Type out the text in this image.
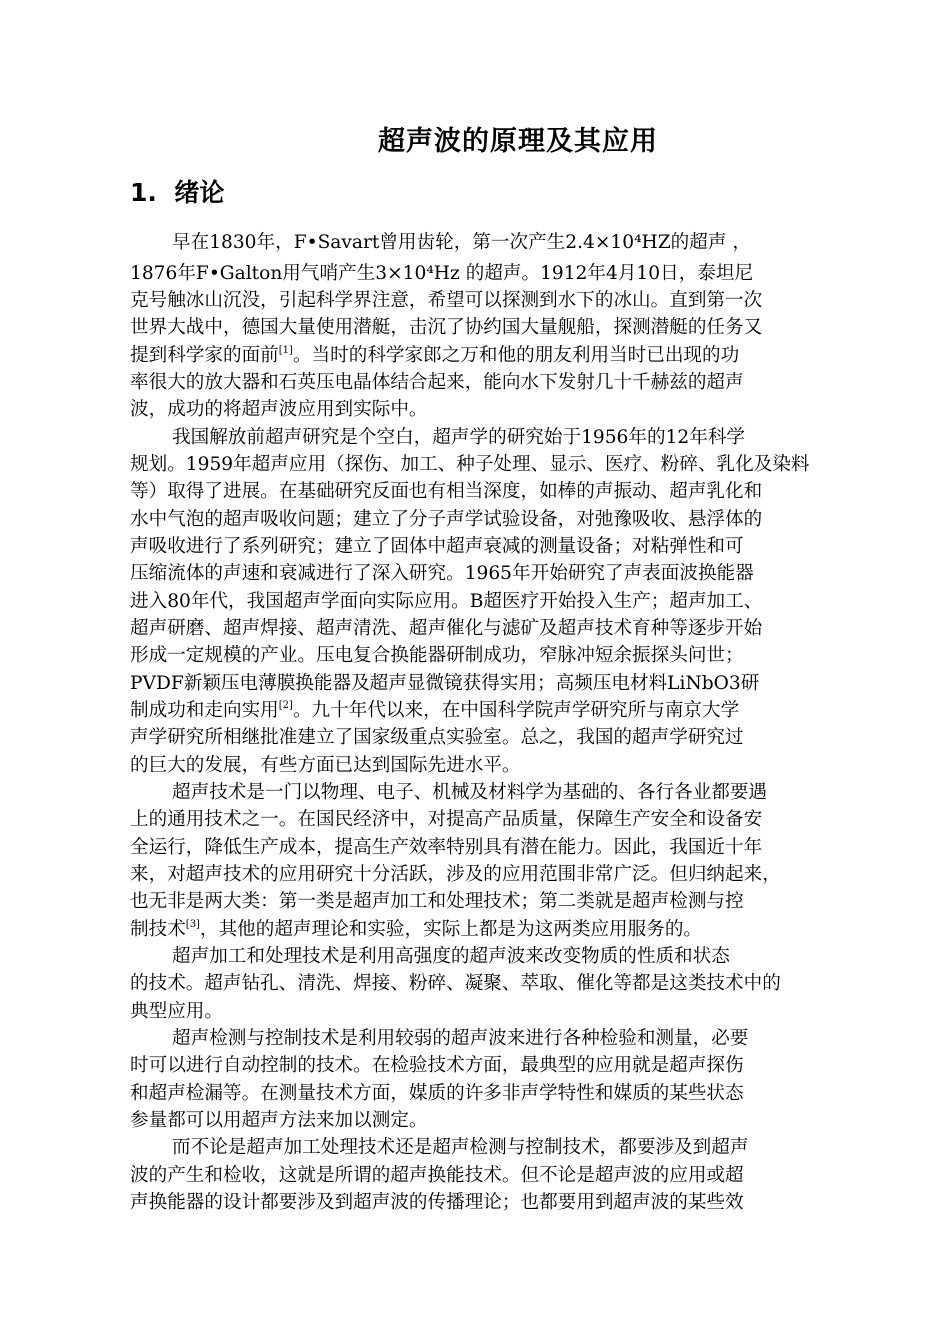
超声波的原理及其应用
1. 绪论
早在1830年，F•Savart曾用齿轮，第一次产生2.4×10⁴HZ的超声 ，
1876年F•Galton用气哨产生3×10⁴Hz 的超声。1912年4月10日，泰坦尼
克号触冰山沉没，引起科学界注意，希望可以探测到水下的冰山。直到第一次
世界大战中，德国大量使用潜艇，击沉了协约国大量舰船，探测潜艇的任务又
提到科学家的面前[1]。当时的科学家郎之万和他的朋友利用当时已出现的功
率很大的放大器和石英压电晶体结合起来，能向水下发射几十千赫兹的超声
波，成功的将超声波应用到实际中。
我国解放前超声研究是个空白，超声学的研究始于1956年的12年科学
规划。1959年超声应用（探伤、加工、种子处理、显示、医疗、粉碎、乳化及染料
等）取得了进展。在基础研究反面也有相当深度，如棒的声振动、超声乳化和
水中气泡的超声吸收问题；建立了分子声学试验设备，对弛豫吸收、悬浮体的
声吸收进行了系列研究；建立了固体中超声衰减的测量设备；对粘弹性和可
压缩流体的声速和衰减进行了深入研究。1965年开始研究了声表面波换能器
进入80年代，我国超声学面向实际应用。B超医疗开始投入生产；超声加工、
超声研磨、超声焊接、超声清洗、超声催化与滤矿及超声技术育种等逐步开始
形成一定规模的产业。压电复合换能器研制成功，窄脉冲短余振探头问世；
PVDF新颖压电薄膜换能器及超声显微镜获得实用；高频压电材料LiNbO3研
制成功和走向实用[2]。九十年代以来，在中国科学院声学研究所与南京大学
声学研究所相继批准建立了国家级重点实验室。总之，我国的超声学研究过
的巨大的发展，有些方面已达到国际先进水平。
超声技术是一门以物理、电子、机械及材料学为基础的、各行各业都要遇
上的通用技术之一。在国民经济中，对提高产品质量，保障生产安全和设备安
全运行，降低生产成本，提高生产效率特别具有潜在能力。因此，我国近十年
来，对超声技术的应用研究十分活跃，涉及的应用范围非常广泛。但归纳起来，
也无非是两大类：第一类是超声加工和处理技术；第二类就是超声检测与控
制技术[3]，其他的超声理论和实验，实际上都是为这两类应用服务的。
超声加工和处理技术是利用高强度的超声波来改变物质的性质和状态
的技术。超声钻孔、清洗、焊接、粉碎、凝聚、萃取、催化等都是这类技术中的
典型应用。
超声检测与控制技术是利用较弱的超声波来进行各种检验和测量，必要
时可以进行自动控制的技术。在检验技术方面，最典型的应用就是超声探伤
和超声检漏等。在测量技术方面，媒质的许多非声学特性和媒质的某些状态
参量都可以用超声方法来加以测定。
而不论是超声加工处理技术还是超声检测与控制技术，都要涉及到超声
波的产生和检收，这就是所谓的超声换能技术。但不论是超声波的应用或超
声换能器的设计都要涉及到超声波的传播理论；也都要用到超声波的某些效
